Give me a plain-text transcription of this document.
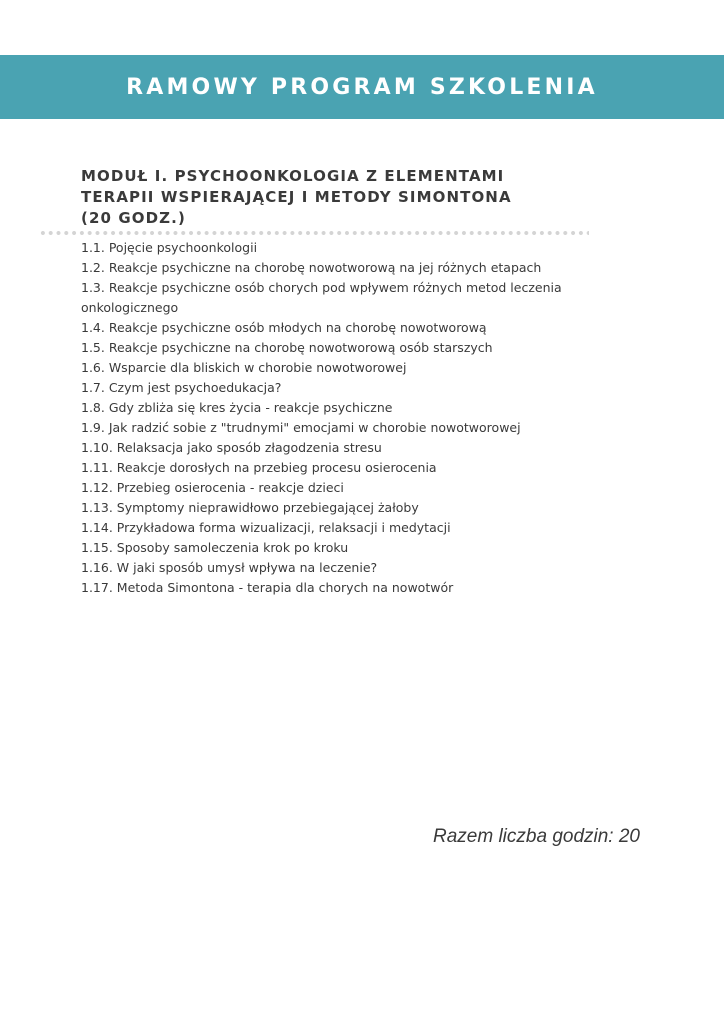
RAMOWY PROGRAM SZKOLENIA

MODUŁ I. PSYCHOONKOLOGIA Z ELEMENTAMI
TERAPII WSPIERAJĄCEJ I METODY SIMONTONA
(20 GODZ.)

1.1. Pojęcie psychoonkologii
1.2. Reakcje psychiczne na chorobę nowotworową na jej różnych etapach
1.3. Reakcje psychiczne osób chorych pod wpływem różnych metod leczenia onkologicznego
1.4. Reakcje psychiczne osób młodych na chorobę nowotworową
1.5. Reakcje psychiczne na chorobę nowotworową osób starszych
1.6. Wsparcie dla bliskich w chorobie nowotworowej
1.7. Czym jest psychoedukacja?
1.8. Gdy zbliża się kres życia - reakcje psychiczne
1.9. Jak radzić sobie z "trudnymi" emocjami w chorobie nowotworowej
1.10. Relaksacja jako sposób złagodzenia stresu
1.11. Reakcje dorosłych na przebieg procesu osierocenia
1.12. Przebieg osierocenia - reakcje dzieci
1.13. Symptomy nieprawidłowo przebiegającej żałoby
1.14. Przykładowa forma wizualizacji, relaksacji i medytacji
1.15. Sposoby samoleczenia krok po kroku
1.16. W jaki sposób umysł wpływa na leczenie?
1.17. Metoda Simontona - terapia dla chorych na nowotwór
Razem liczba godzin: 20
